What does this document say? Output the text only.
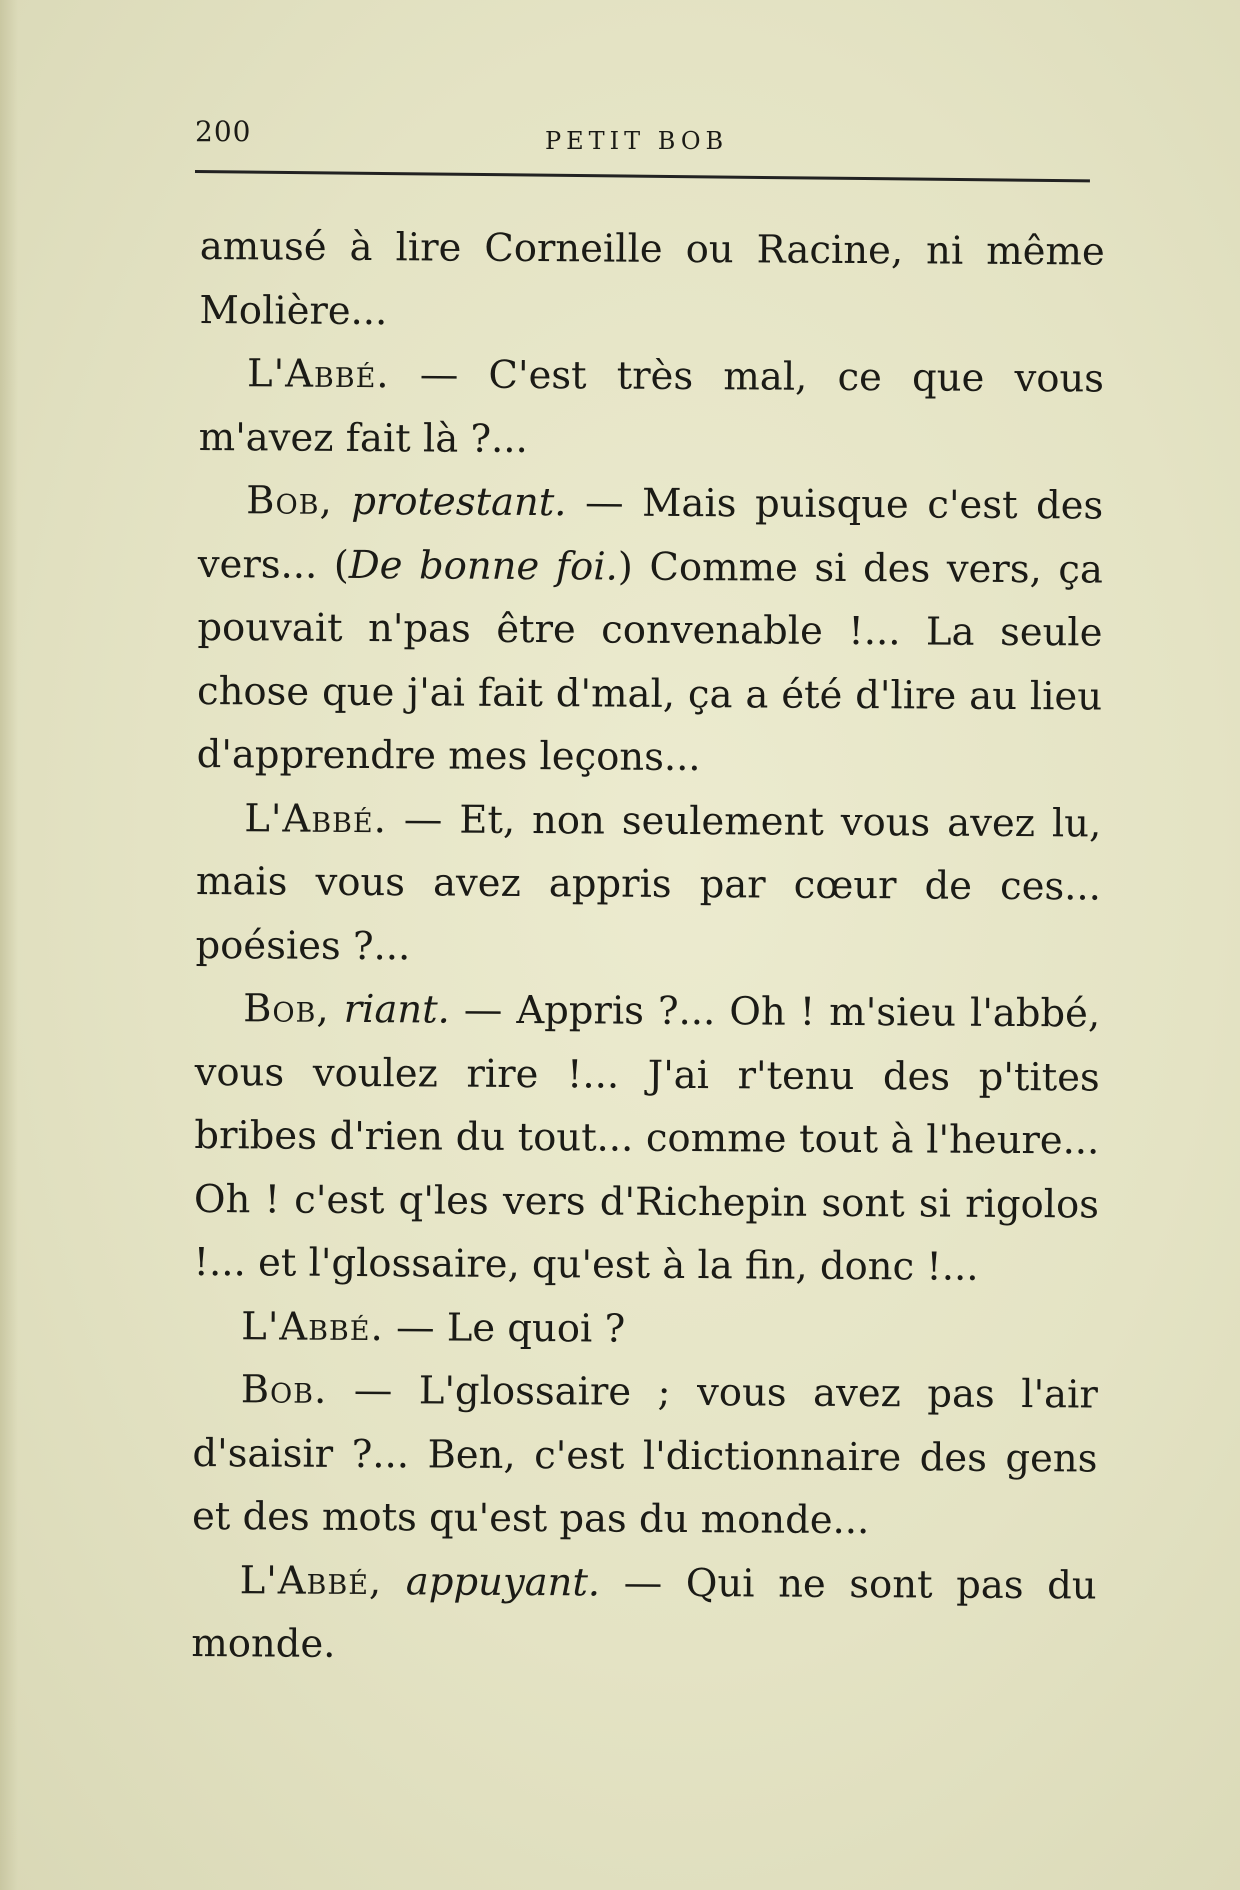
200	PETIT BOB

amusé à lire Corneille ou Racine, ni même Molière...

L'Abbé. — C'est très mal, ce que vous m'avez fait là ?...

Bob, protestant. — Mais puisque c'est des vers... (De bonne foi.) Comme si des vers, ça pouvait n'pas être convenable !... La seule chose que j'ai fait d'mal, ça a été d'lire au lieu d'apprendre mes leçons...

L'Abbé. — Et, non seulement vous avez lu, mais vous avez appris par cœur de ces... poésies ?...

Bob, riant. — Appris ?... Oh ! m'sieu l'abbé, vous voulez rire !... J'ai r'tenu des p'tites bribes d'rien du tout... comme tout à l'heure... Oh ! c'est q'les vers d'Richepin sont si rigolos !... et l'glossaire, qu'est à la fin, donc !...

L'Abbé. — Le quoi ?

Bob. — L'glossaire ; vous avez pas l'air d'saisir ?... Ben, c'est l'dictionnaire des gens et des mots qu'est pas du monde...

L'Abbé, appuyant. — Qui ne sont pas du monde.
